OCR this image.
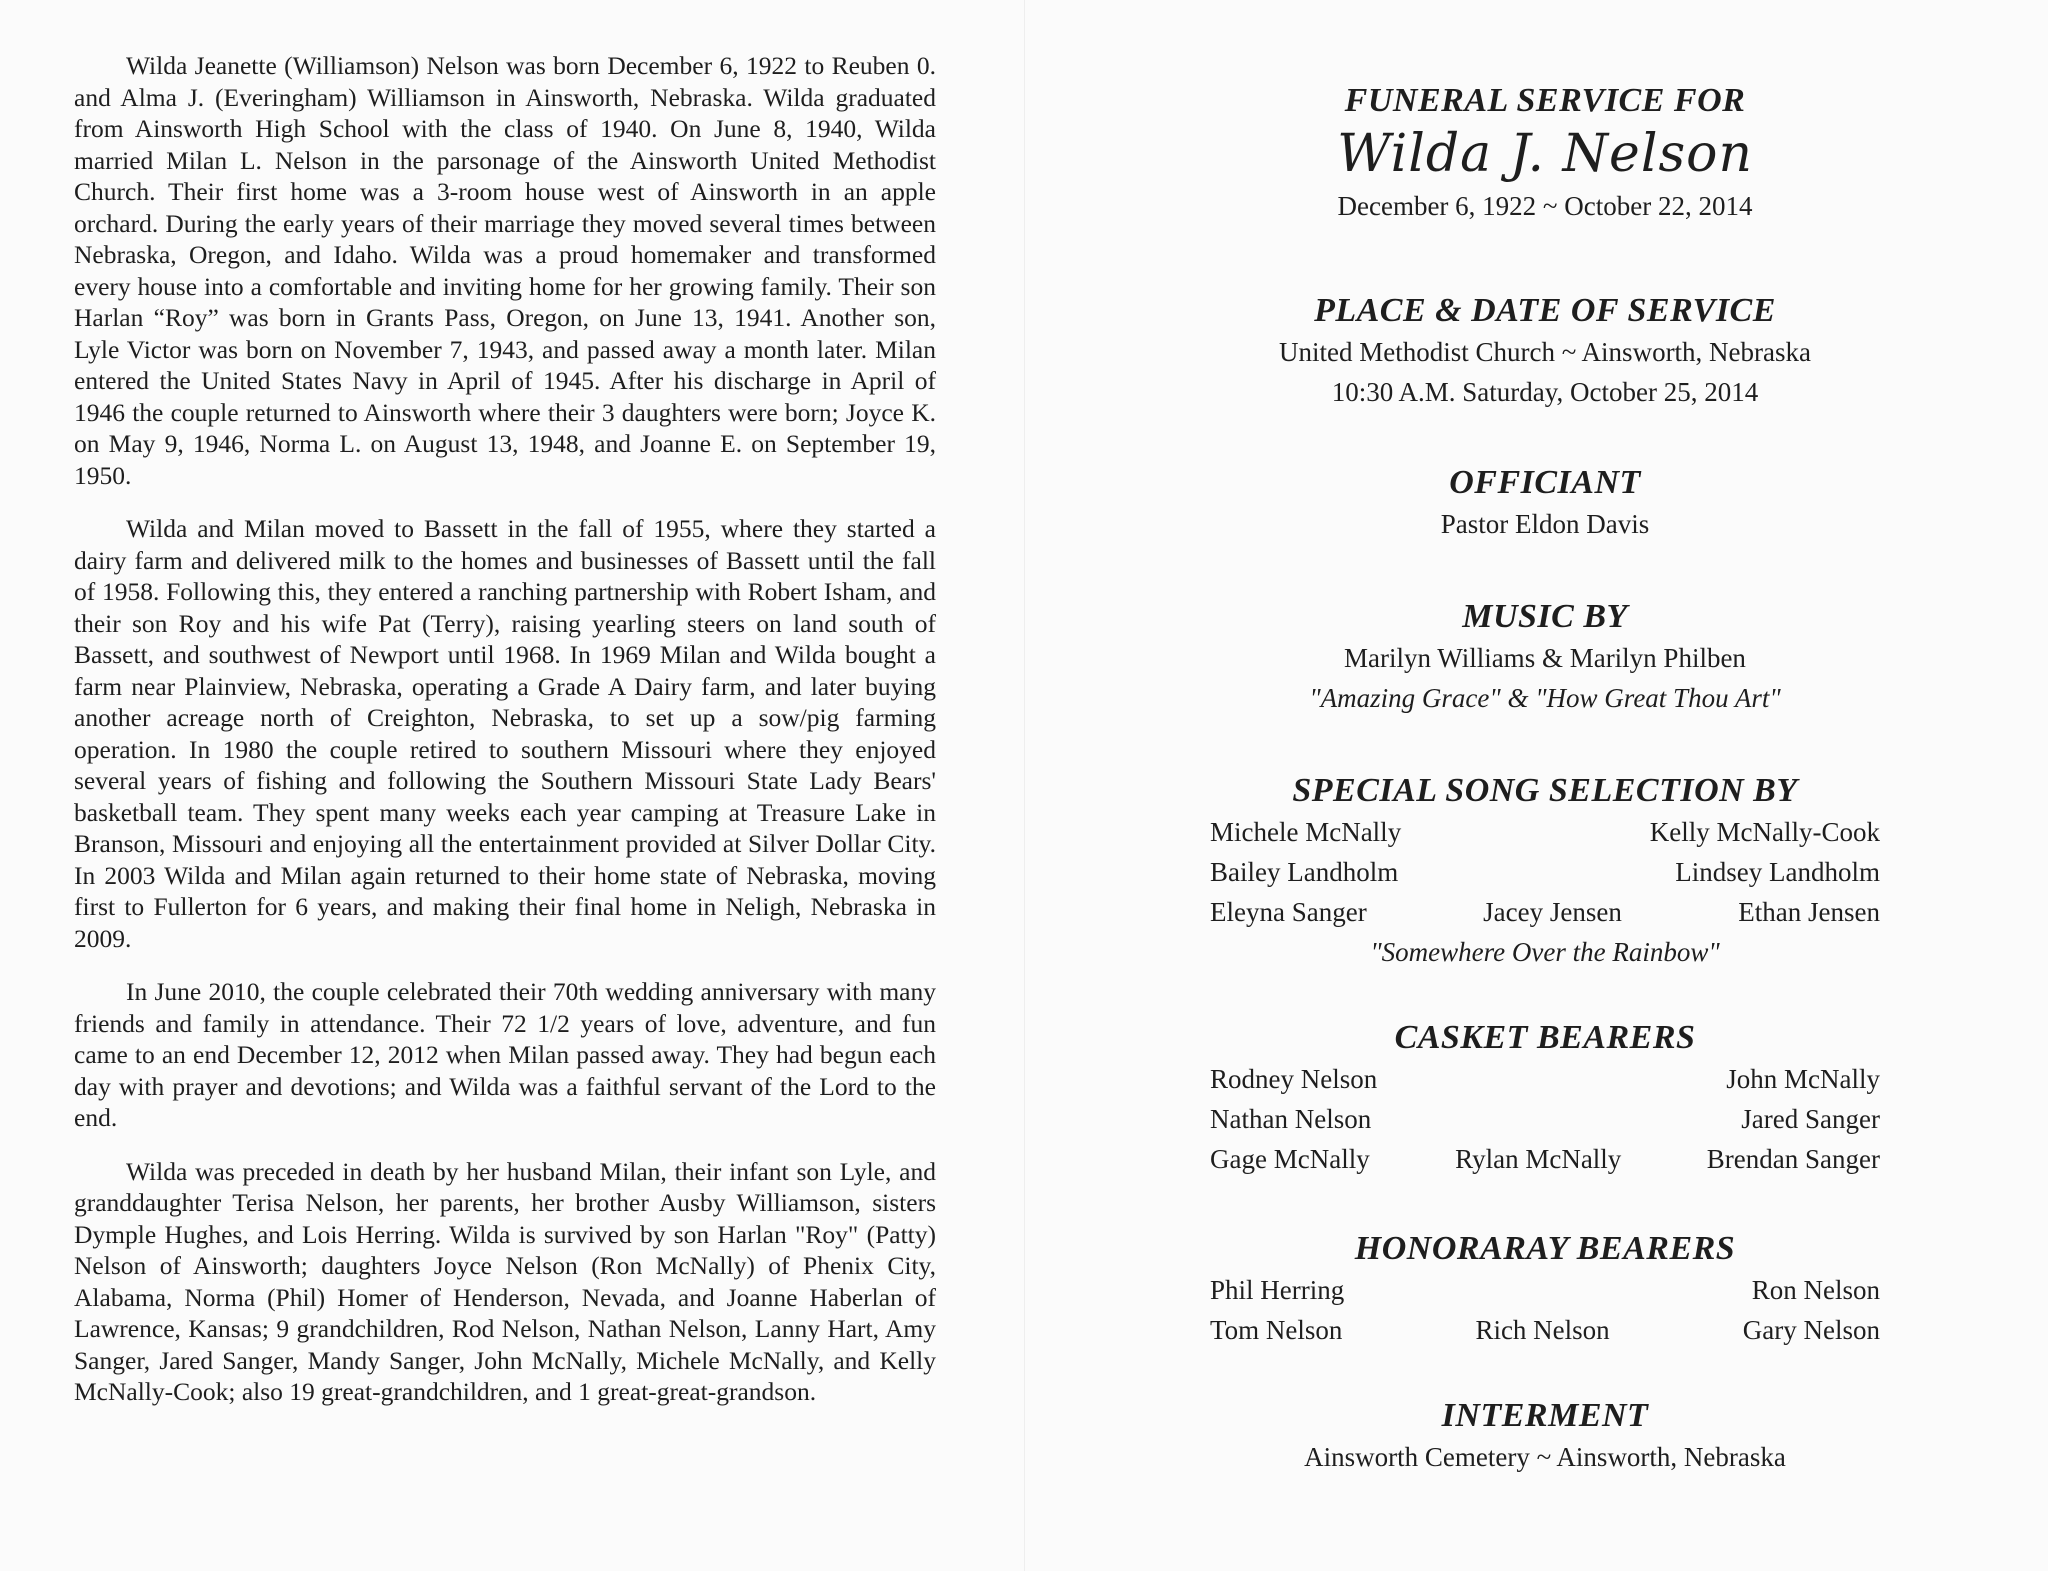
Wilda Jeanette (Williamson) Nelson was born December 6, 1922 to Reuben 0. and Alma J. (Everingham) Williamson in Ainsworth, Nebraska. Wilda graduated from Ainsworth High School with the class of 1940. On June 8, 1940, Wilda married Milan L. Nelson in the parsonage of the Ainsworth United Methodist Church. Their first home was a 3-room house west of Ainsworth in an apple orchard. During the early years of their marriage they moved several times between Nebraska, Oregon, and Idaho. Wilda was a proud homemaker and transformed every house into a comfortable and inviting home for her growing family. Their son Harlan “Roy” was born in Grants Pass, Oregon, on June 13, 1941. Another son, Lyle Victor was born on November 7, 1943, and passed away a month later. Milan entered the United States Navy in April of 1945. After his discharge in April of 1946 the couple returned to Ainsworth where their 3 daughters were born; Joyce K. on May 9, 1946, Norma L. on August 13, 1948, and Joanne E. on September 19, 1950.

Wilda and Milan moved to Bassett in the fall of 1955, where they started a dairy farm and delivered milk to the homes and businesses of Bassett until the fall of 1958. Following this, they entered a ranching partnership with Robert Isham, and their son Roy and his wife Pat (Terry), raising yearling steers on land south of Bassett, and southwest of Newport until 1968. In 1969 Milan and Wilda bought a farm near Plainview, Nebraska, operating a Grade A Dairy farm, and later buying another acreage north of Creighton, Nebraska, to set up a sow/pig farming operation. In 1980 the couple retired to southern Missouri where they enjoyed several years of fishing and following the Southern Missouri State Lady Bears' basketball team. They spent many weeks each year camping at Treasure Lake in Branson, Missouri and enjoying all the entertainment provided at Silver Dollar City. In 2003 Wilda and Milan again returned to their home state of Nebraska, moving first to Fullerton for 6 years, and making their final home in Neligh, Nebraska in 2009.

In June 2010, the couple celebrated their 70th wedding anniversary with many friends and family in attendance. Their 72 1/2 years of love, adventure, and fun came to an end December 12, 2012 when Milan passed away. They had begun each day with prayer and devotions; and Wilda was a faithful servant of the Lord to the end.

Wilda was preceded in death by her husband Milan, their infant son Lyle, and granddaughter Terisa Nelson, her parents, her brother Ausby Williamson, sisters Dymple Hughes, and Lois Herring. Wilda is survived by son Harlan "Roy" (Patty) Nelson of Ainsworth; daughters Joyce Nelson (Ron McNally) of Phenix City, Alabama, Norma (Phil) Homer of Henderson, Nevada, and Joanne Haberlan of Lawrence, Kansas; 9 grandchildren, Rod Nelson, Nathan Nelson, Lanny Hart, Amy Sanger, Jared Sanger, Mandy Sanger, John McNally, Michele McNally, and Kelly McNally-Cook; also 19 great-grandchildren, and 1 great-great-grandson.

FUNERAL SERVICE FOR
Wilda J. Nelson
December 6, 1922 ~ October 22, 2014
PLACE & DATE OF SERVICE
United Methodist Church ~ Ainsworth, Nebraska
10:30 A.M. Saturday, October 25, 2014
OFFICIANT
Pastor Eldon Davis
MUSIC BY
Marilyn Williams & Marilyn Philben
"Amazing Grace" & "How Great Thou Art"
SPECIAL SONG SELECTION BY
Michele McNally	Kelly McNally-Cook
Bailey Landholm	Lindsey Landholm
Eleyna Sanger	Jacey Jensen	Ethan Jensen
"Somewhere Over the Rainbow"
CASKET BEARERS
Rodney Nelson	John McNally
Nathan Nelson	Jared Sanger
Gage McNally	Rylan McNally	Brendan Sanger
HONORARAY BEARERS
Phil Herring	Ron Nelson
Tom Nelson	Rich Nelson	Gary Nelson
INTERMENT
Ainsworth Cemetery ~ Ainsworth, Nebraska
